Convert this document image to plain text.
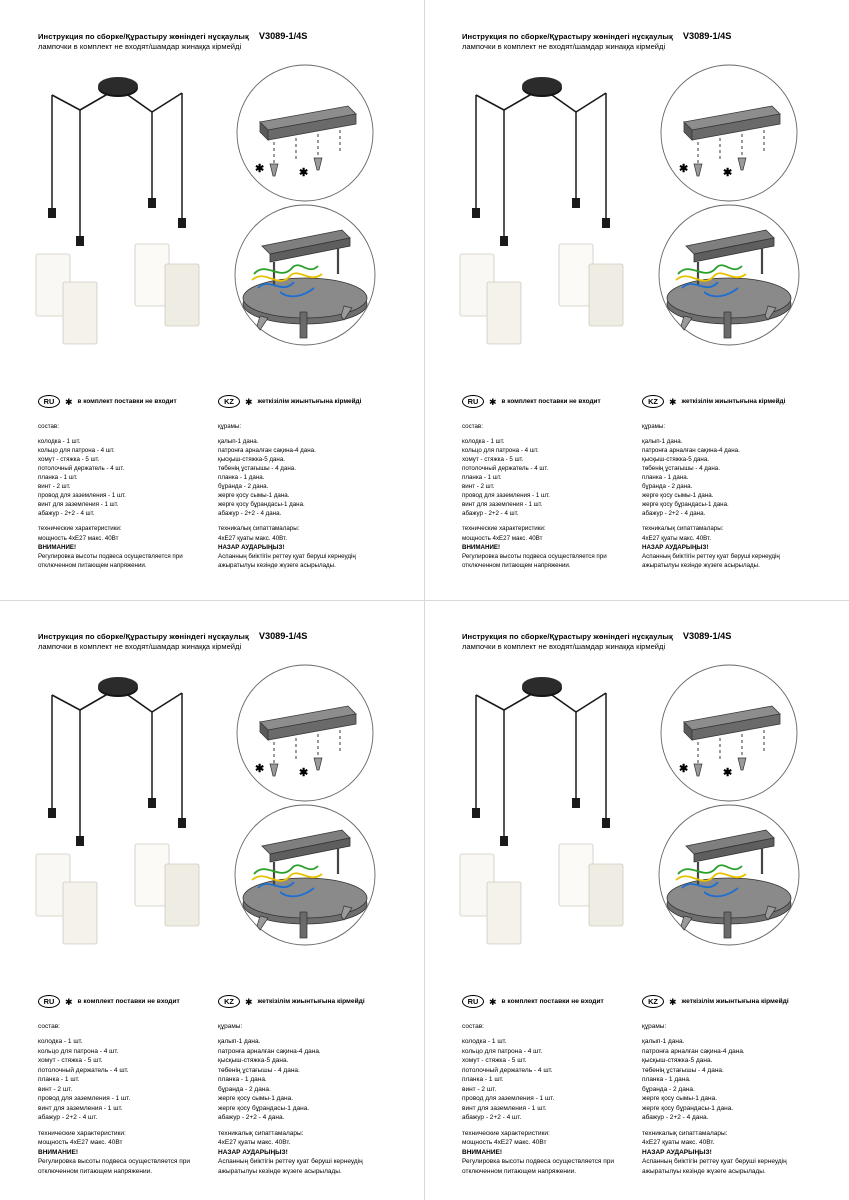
Инструкция по сборке/Құрастыру жөніндегі нұсқаулық V3089-1/4S
лампочки в комплект не входят/шамдар жинаққа кірмейді
✱	✱
RU	✱ в комплект поставки не входит	KZ	✱ жеткізілім жиынтығына кірмейді

состав:

колодка - 1 шт.

кольцо для патрона - 4 шт.

хомут - стяжка - 5 шт.

потолочный держатель - 4 шт.

планка - 1 шт.

винт - 2 шт.

провод для заземления - 1 шт.

винт для заземления - 1 шт.

абажур - 2+2 - 4 шт.

технические характеристики:

мощность 4хЕ27 макс. 40Вт

ВНИМАНИЕ!

Регулировка высоты подвеса осуществляется при отключенном питающем напряжении.

құрамы:

қалып-1 дана.

патронға арналған сақина-4 дана.

қысқыш-стяжка-5 дана.

төбенің ұстағышы - 4 дана.

планка - 1 дана.

бұранда - 2 дана.

жерге қосу сымы-1 дана.

жерге қосу бұрандасы-1 дана.

абажур - 2+2 - 4 дана.

техникалық сипаттамалары:

4хЕ27 қуаты макс. 40Вт.

НАЗАР АУДАРЫҢЫЗ!

Аспанның биіктігін реттеу қуат беруші кернеудің ажыратылуы кезінде жүзеге асырылады.

Инструкция по сборке/Құрастыру жөніндегі нұсқаулық V3089-1/4S
лампочки в комплект не входят/шамдар жинаққа кірмейді
✱	✱
RU	✱ в комплект поставки не входит	KZ	✱ жеткізілім жиынтығына кірмейді

состав:

колодка - 1 шт.

кольцо для патрона - 4 шт.

хомут - стяжка - 5 шт.

потолочный держатель - 4 шт.

планка - 1 шт.

винт - 2 шт.

провод для заземления - 1 шт.

винт для заземления - 1 шт.

абажур - 2+2 - 4 шт.

технические характеристики:

мощность 4хЕ27 макс. 40Вт

ВНИМАНИЕ!

Регулировка высоты подвеса осуществляется при отключенном питающем напряжении.

құрамы:

қалып-1 дана.

патронға арналған сақина-4 дана.

қысқыш-стяжка-5 дана.

төбенің ұстағышы - 4 дана.

планка - 1 дана.

бұранда - 2 дана.

жерге қосу сымы-1 дана.

жерге қосу бұрандасы-1 дана.

абажур - 2+2 - 4 дана.

техникалық сипаттамалары:

4хЕ27 қуаты макс. 40Вт.

НАЗАР АУДАРЫҢЫЗ!

Аспанның биіктігін реттеу қуат беруші кернеудің ажыратылуы кезінде жүзеге асырылады.

Инструкция по сборке/Құрастыру жөніндегі нұсқаулық V3089-1/4S
лампочки в комплект не входят/шамдар жинаққа кірмейді
✱	✱
RU	✱ в комплект поставки не входит	KZ	✱ жеткізілім жиынтығына кірмейді

состав:

колодка - 1 шт.

кольцо для патрона - 4 шт.

хомут - стяжка - 5 шт.

потолочный держатель - 4 шт.

планка - 1 шт.

винт - 2 шт.

провод для заземления - 1 шт.

винт для заземления - 1 шт.

абажур - 2+2 - 4 шт.

технические характеристики:

мощность 4хЕ27 макс. 40Вт

ВНИМАНИЕ!

Регулировка высоты подвеса осуществляется при отключенном питающем напряжении.

құрамы:

қалып-1 дана.

патронға арналған сақина-4 дана.

қысқыш-стяжка-5 дана.

төбенің ұстағышы - 4 дана.

планка - 1 дана.

бұранда - 2 дана.

жерге қосу сымы-1 дана.

жерге қосу бұрандасы-1 дана.

абажур - 2+2 - 4 дана.

техникалық сипаттамалары:

4хЕ27 қуаты макс. 40Вт.

НАЗАР АУДАРЫҢЫЗ!

Аспанның биіктігін реттеу қуат беруші кернеудің ажыратылуы кезінде жүзеге асырылады.

Инструкция по сборке/Құрастыру жөніндегі нұсқаулық V3089-1/4S
лампочки в комплект не входят/шамдар жинаққа кірмейді
✱	✱
RU	✱ в комплект поставки не входит	KZ	✱ жеткізілім жиынтығына кірмейді

состав:

колодка - 1 шт.

кольцо для патрона - 4 шт.

хомут - стяжка - 5 шт.

потолочный держатель - 4 шт.

планка - 1 шт.

винт - 2 шт.

провод для заземления - 1 шт.

винт для заземления - 1 шт.

абажур - 2+2 - 4 шт.

технические характеристики:

мощность 4хЕ27 макс. 40Вт

ВНИМАНИЕ!

Регулировка высоты подвеса осуществляется при отключенном питающем напряжении.

құрамы:

қалып-1 дана.

патронға арналған сақина-4 дана.

қысқыш-стяжка-5 дана.

төбенің ұстағышы - 4 дана.

планка - 1 дана.

бұранда - 2 дана.

жерге қосу сымы-1 дана.

жерге қосу бұрандасы-1 дана.

абажур - 2+2 - 4 дана.

техникалық сипаттамалары:

4хЕ27 қуаты макс. 40Вт.

НАЗАР АУДАРЫҢЫЗ!

Аспанның биіктігін реттеу қуат беруші кернеудің ажыратылуы кезінде жүзеге асырылады.
